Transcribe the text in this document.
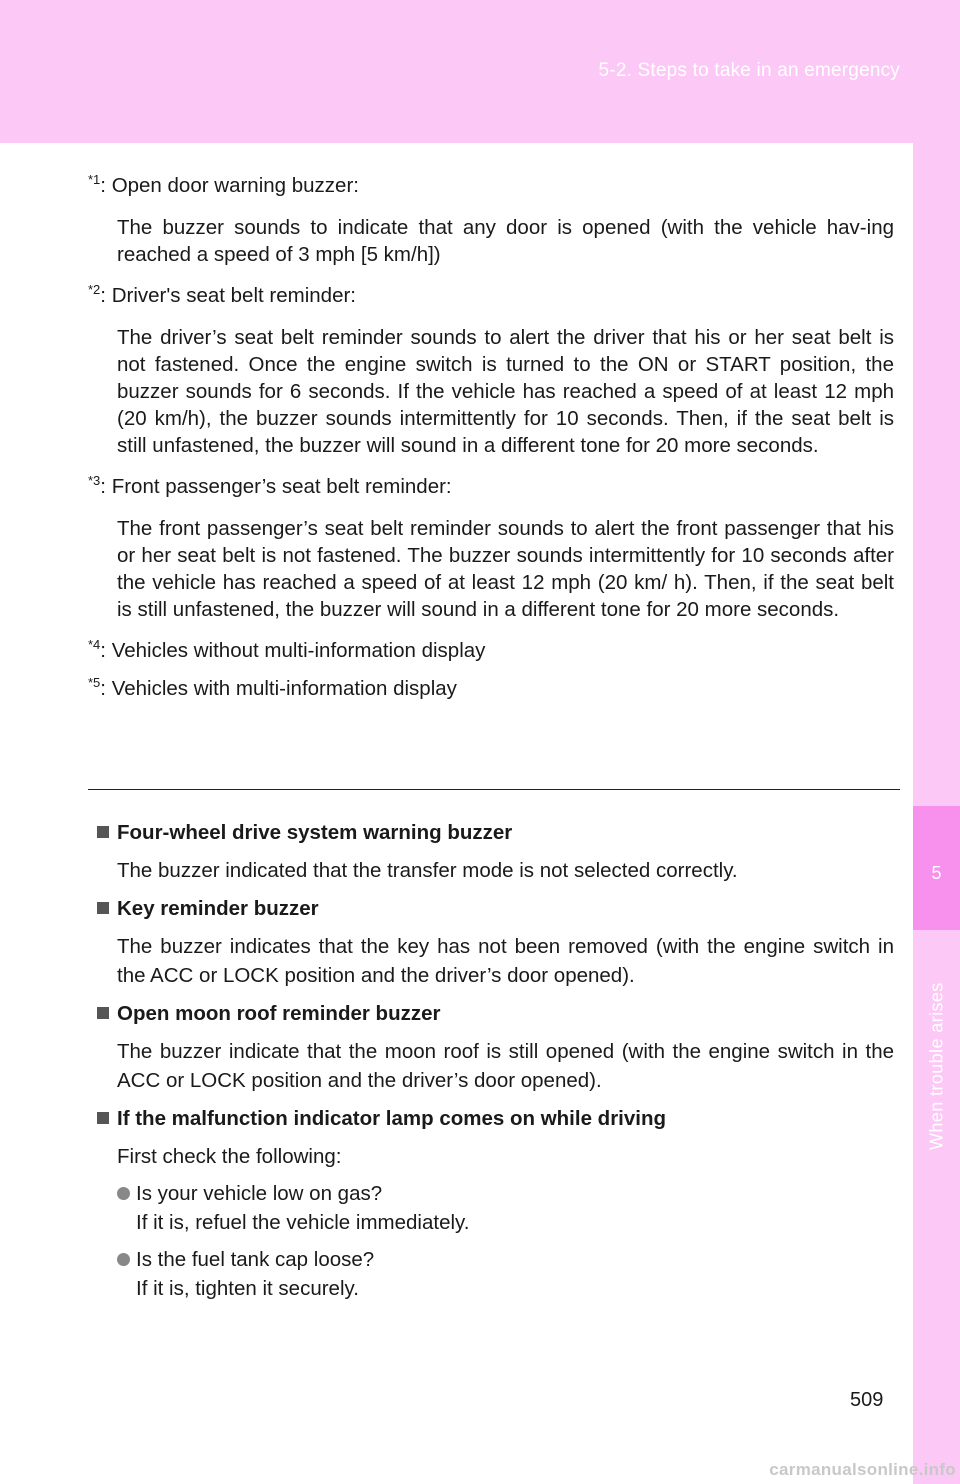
5-2. Steps to take in an emergency
5
When trouble arises

$^{*1}$: Open door warning buzzer:

The buzzer sounds to indicate that any door is opened (with the vehicle hav-ing reached a speed of 3 mph [5 km/h])

$^{*2}$: Driver's seat belt reminder:

The driver’s seat belt reminder sounds to alert the driver that his or her seat belt is not fastened. Once the engine switch is turned to the ON or START position, the buzzer sounds for 6 seconds. If the vehicle has reached a speed of at least 12 mph (20 km/h), the buzzer sounds intermittently for 10 seconds. Then, if the seat belt is still unfastened, the buzzer will sound in a different tone for 20 more seconds.

$^{*3}$: Front passenger’s seat belt reminder:

The front passenger’s seat belt reminder sounds to alert the front passenger that his or her seat belt is not fastened. The buzzer sounds intermittently for 10 seconds after the vehicle has reached a speed of at least 12 mph (20 km/ h). Then, if the seat belt is still unfastened, the buzzer will sound in a different tone for 20 more seconds.

$^{*4}$: Vehicles without multi-information display

$^{*5}$: Vehicles with multi-information display

Four-wheel drive system warning buzzer

The buzzer indicated that the transfer mode is not selected correctly.

Key reminder buzzer

The buzzer indicates that the key has not been removed (with the engine switch in the ACC or LOCK position and the driver’s door opened).

Open moon roof reminder buzzer

The buzzer indicate that the moon roof is still opened (with the engine switch in the ACC or LOCK position and the driver’s door opened).

If the malfunction indicator lamp comes on while driving

First check the following:

Is your vehicle low on gas?
If it is, refuel the vehicle immediately.
Is the fuel tank cap loose?
If it is, tighten it securely.
509
carmanualsonline.info
